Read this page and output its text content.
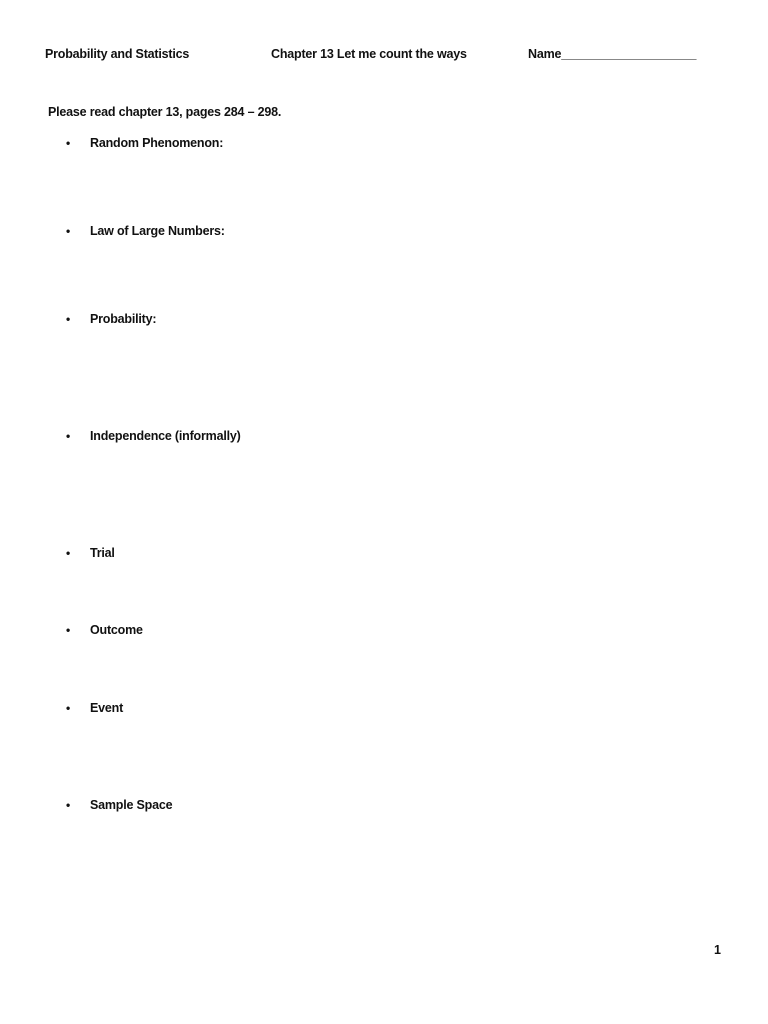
Probability and Statistics	Chapter 13 Let me count the ways	Name____________________
Please read chapter 13, pages 284 – 298.
•	Random Phenomenon:
•	Law of Large Numbers:
•	Probability:
•	Independence (informally)
•	Trial
•	Outcome
•	Event
•	Sample Space
1
